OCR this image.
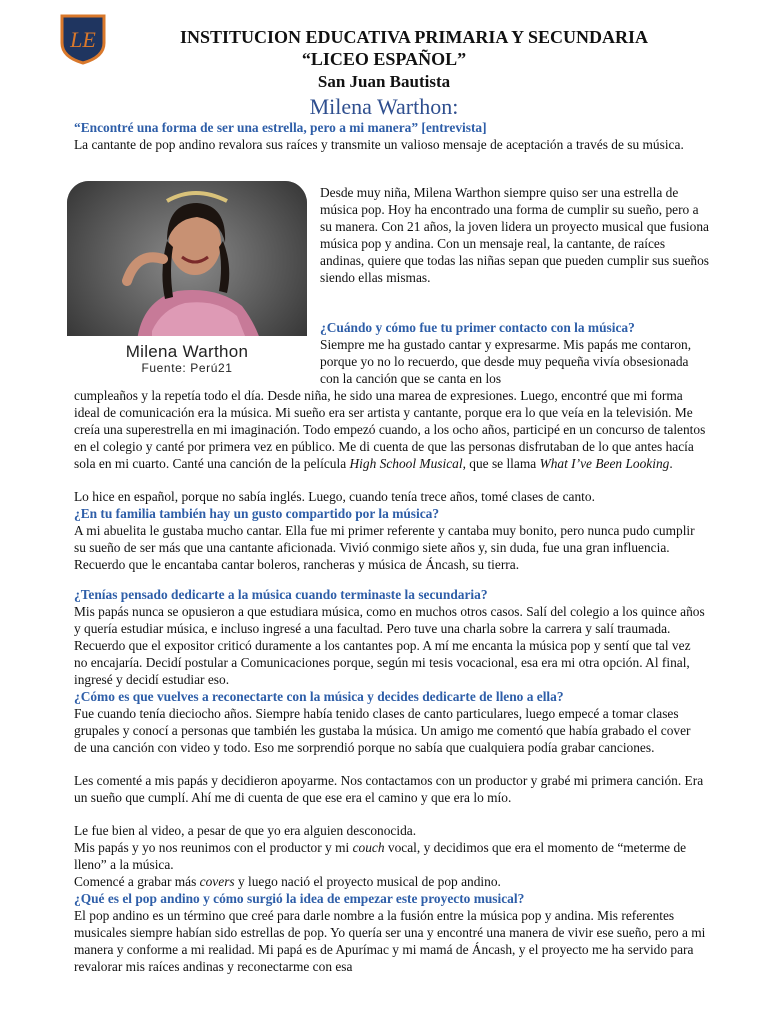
LE	INSTITUCION EDUCATIVA PRIMARIA Y SECUNDARIA
“LICEO ESPAÑOL”
San Juan Bautista
Milena Warthon:
“Encontré una forma de ser una estrella, pero a mi manera” [entrevista]

La cantante de pop andino revalora sus raíces y transmite un valioso mensaje de aceptación a través de su música.

Milena Warthon
Fuente: Perú21

Desde muy niña, Milena Warthon siempre quiso ser una estrella de música pop. Hoy ha encontrado una forma de cumplir su sueño, pero a su manera. Con 21 años, la joven lidera un proyecto musical que fusiona música pop y andina. Con un mensaje real, la cantante, de raíces andinas, quiere que todas las niñas sepan que pueden cumplir sus sueños siendo ellas mismas.

¿Cuándo y cómo fue tu primer contacto con la música?

Siempre me ha gustado cantar y expresarme. Mis papás me contaron, porque yo no lo recuerdo, que desde muy pequeña vivía obsesionada con la canción que se canta en los

cumpleaños y la repetía todo el día. Desde niña, he sido una marea de expresiones. Luego, encontré que mi forma ideal de comunicación era la música. Mi sueño era ser artista y cantante, porque era lo que veía en la televisión. Me creía una superestrella en mi imaginación. Todo empezó cuando, a los ocho años, participé en un concurso de talentos en el colegio y canté por primera vez en público. Me di cuenta de que las personas disfrutaban de lo que antes hacía sola en mi cuarto. Canté una canción de la película High School Musical, que se llama What I’ve Been Looking.

Lo hice en español, porque no sabía inglés. Luego, cuando tenía trece años, tomé clases de canto.

¿En tu familia también hay un gusto compartido por la música?

A mi abuelita le gustaba mucho cantar. Ella fue mi primer referente y cantaba muy bonito, pero nunca pudo cumplir su sueño de ser más que una cantante aficionada. Vivió conmigo siete años y, sin duda, fue una gran influencia. Recuerdo que le encantaba cantar boleros, rancheras y música de Áncash, su tierra.

¿Tenías pensado dedicarte a la música cuando terminaste la secundaria?

Mis papás nunca se opusieron a que estudiara música, como en muchos otros casos. Salí del colegio a los quince años y quería estudiar música, e incluso ingresé a una facultad. Pero tuve una charla sobre la carrera y salí traumada. Recuerdo que el expositor criticó duramente a los cantantes pop. A mí me encanta la música pop y sentí que tal vez no encajaría. Decidí postular a Comunicaciones porque, según mi tesis vocacional, esa era mi otra opción. Al final, ingresé y decidí estudiar eso.

¿Cómo es que vuelves a reconectarte con la música y decides dedicarte de lleno a ella?

Fue cuando tenía dieciocho años. Siempre había tenido clases de canto particulares, luego empecé a tomar clases grupales y conocí a personas que también les gustaba la música. Un amigo me comentó que había grabado el cover de una canción con video y todo. Eso me sorprendió porque no sabía que cualquiera podía grabar canciones.

Les comenté a mis papás y decidieron apoyarme. Nos contactamos con un productor y grabé mi primera canción. Era un sueño que cumplí. Ahí me di cuenta de que ese era el camino y que era lo mío.

Le fue bien al video, a pesar de que yo era alguien desconocida.

Mis papás y yo nos reunimos con el productor y mi couch vocal, y decidimos que era el momento de “meterme de lleno” a la música.

Comencé a grabar más covers y luego nació el proyecto musical de pop andino.

¿Qué es el pop andino y cómo surgió la idea de empezar este proyecto musical?

El pop andino es un término que creé para darle nombre a la fusión entre la música pop y andina. Mis referentes musicales siempre habían sido estrellas de pop. Yo quería ser una y encontré una manera de vivir ese sueño, pero a mi manera y conforme a mi realidad. Mi papá es de Apurímac y mi mamá de Áncash, y el proyecto me ha servido para revalorar mis raíces andinas y reconectarme con esa
